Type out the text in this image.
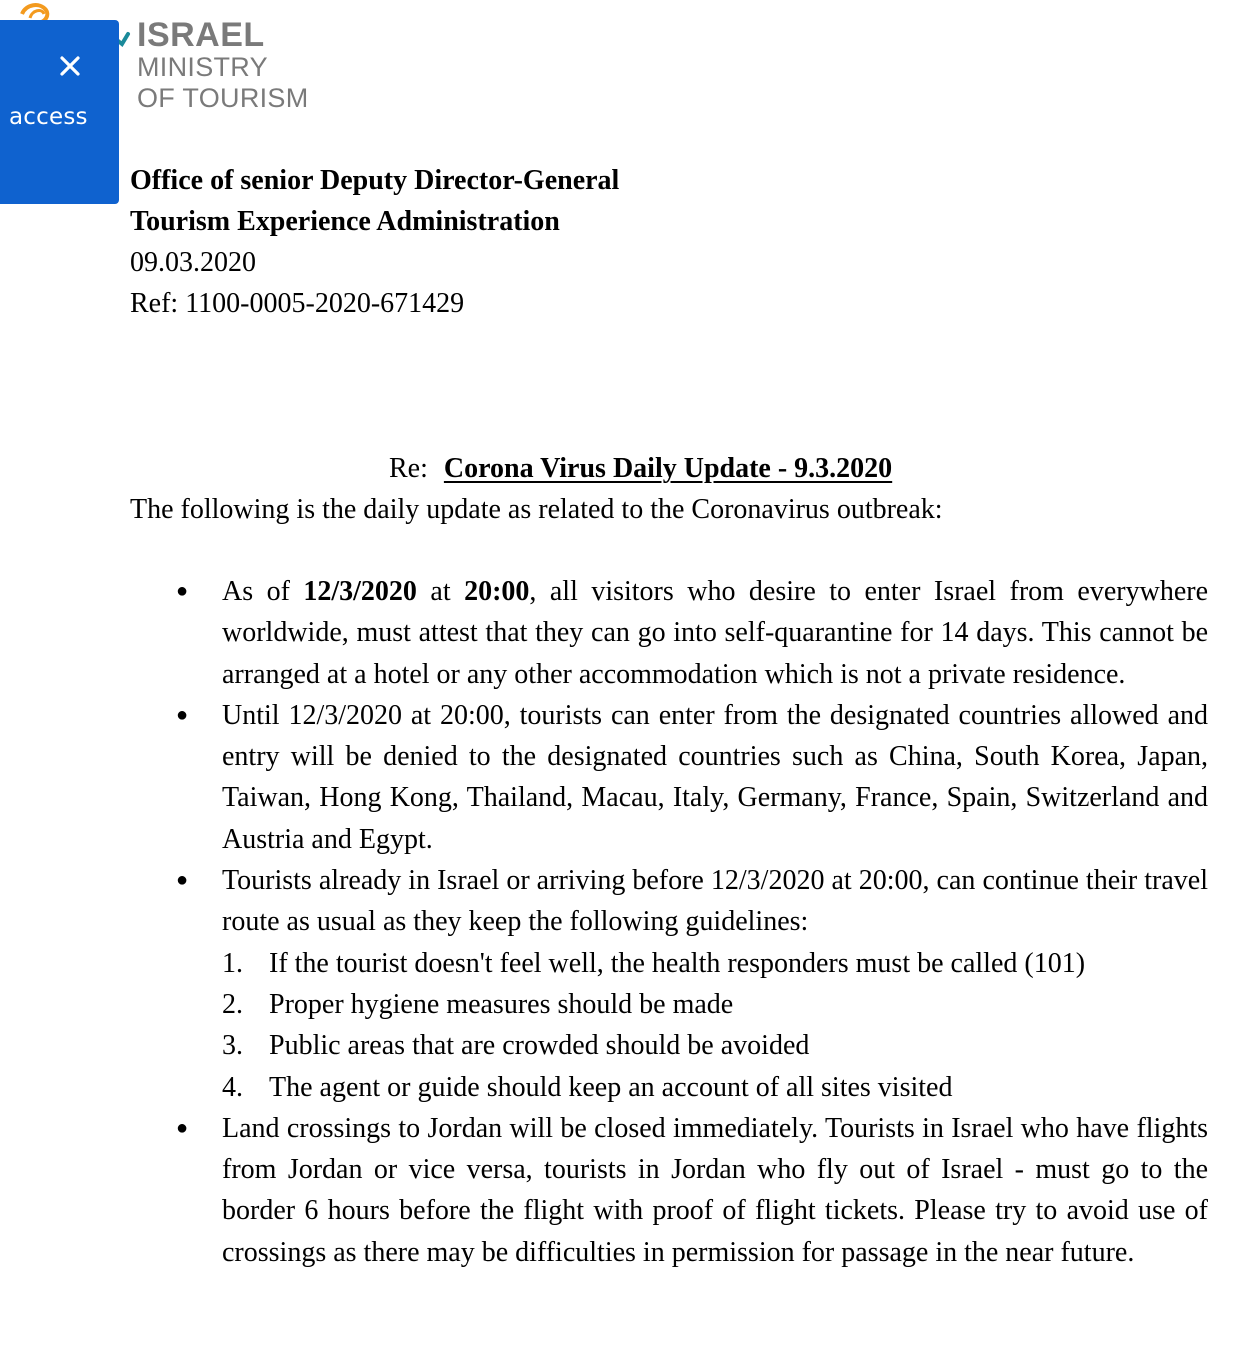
ISRAEL
MINISTRY
OF TOURISM
access
Office of senior Deputy Director-General
Tourism Experience Administration
09.03.2020
Ref: 1100-0005-2020-671429
Re: Corona Virus Daily Update - 9.3.2020
The following is the daily update as related to the Coronavirus outbreak:
● As of 12/3/2020 at 20:00, all visitors who desire to enter Israel from everywhere worldwide, must attest that they can go into self-quarantine for 14 days. This cannot be arranged at a hotel or any other accommodation which is not a private residence.
● Until 12/3/2020 at 20:00, tourists can enter from the designated countries allowed and entry will be denied to the designated countries such as China, South Korea, Japan, Taiwan, Hong Kong, Thailand, Macau, Italy, Germany, France, Spain, Switzerland and Austria and Egypt.
● Tourists already in Israel or arriving before 12/3/2020 at 20:00, can continue their travel route as usual as they keep the following guidelines:
1. If the tourist doesn't feel well, the health responders must be called (101)
2. Proper hygiene measures should be made
3. Public areas that are crowded should be avoided
4. The agent or guide should keep an account of all sites visited
● Land crossings to Jordan will be closed immediately. Tourists in Israel who have flights from Jordan or vice versa, tourists in Jordan who fly out of Israel - must go to the border 6 hours before the flight with proof of flight tickets. Please try to avoid use of crossings as there may be difficulties in permission for passage in the near future.
